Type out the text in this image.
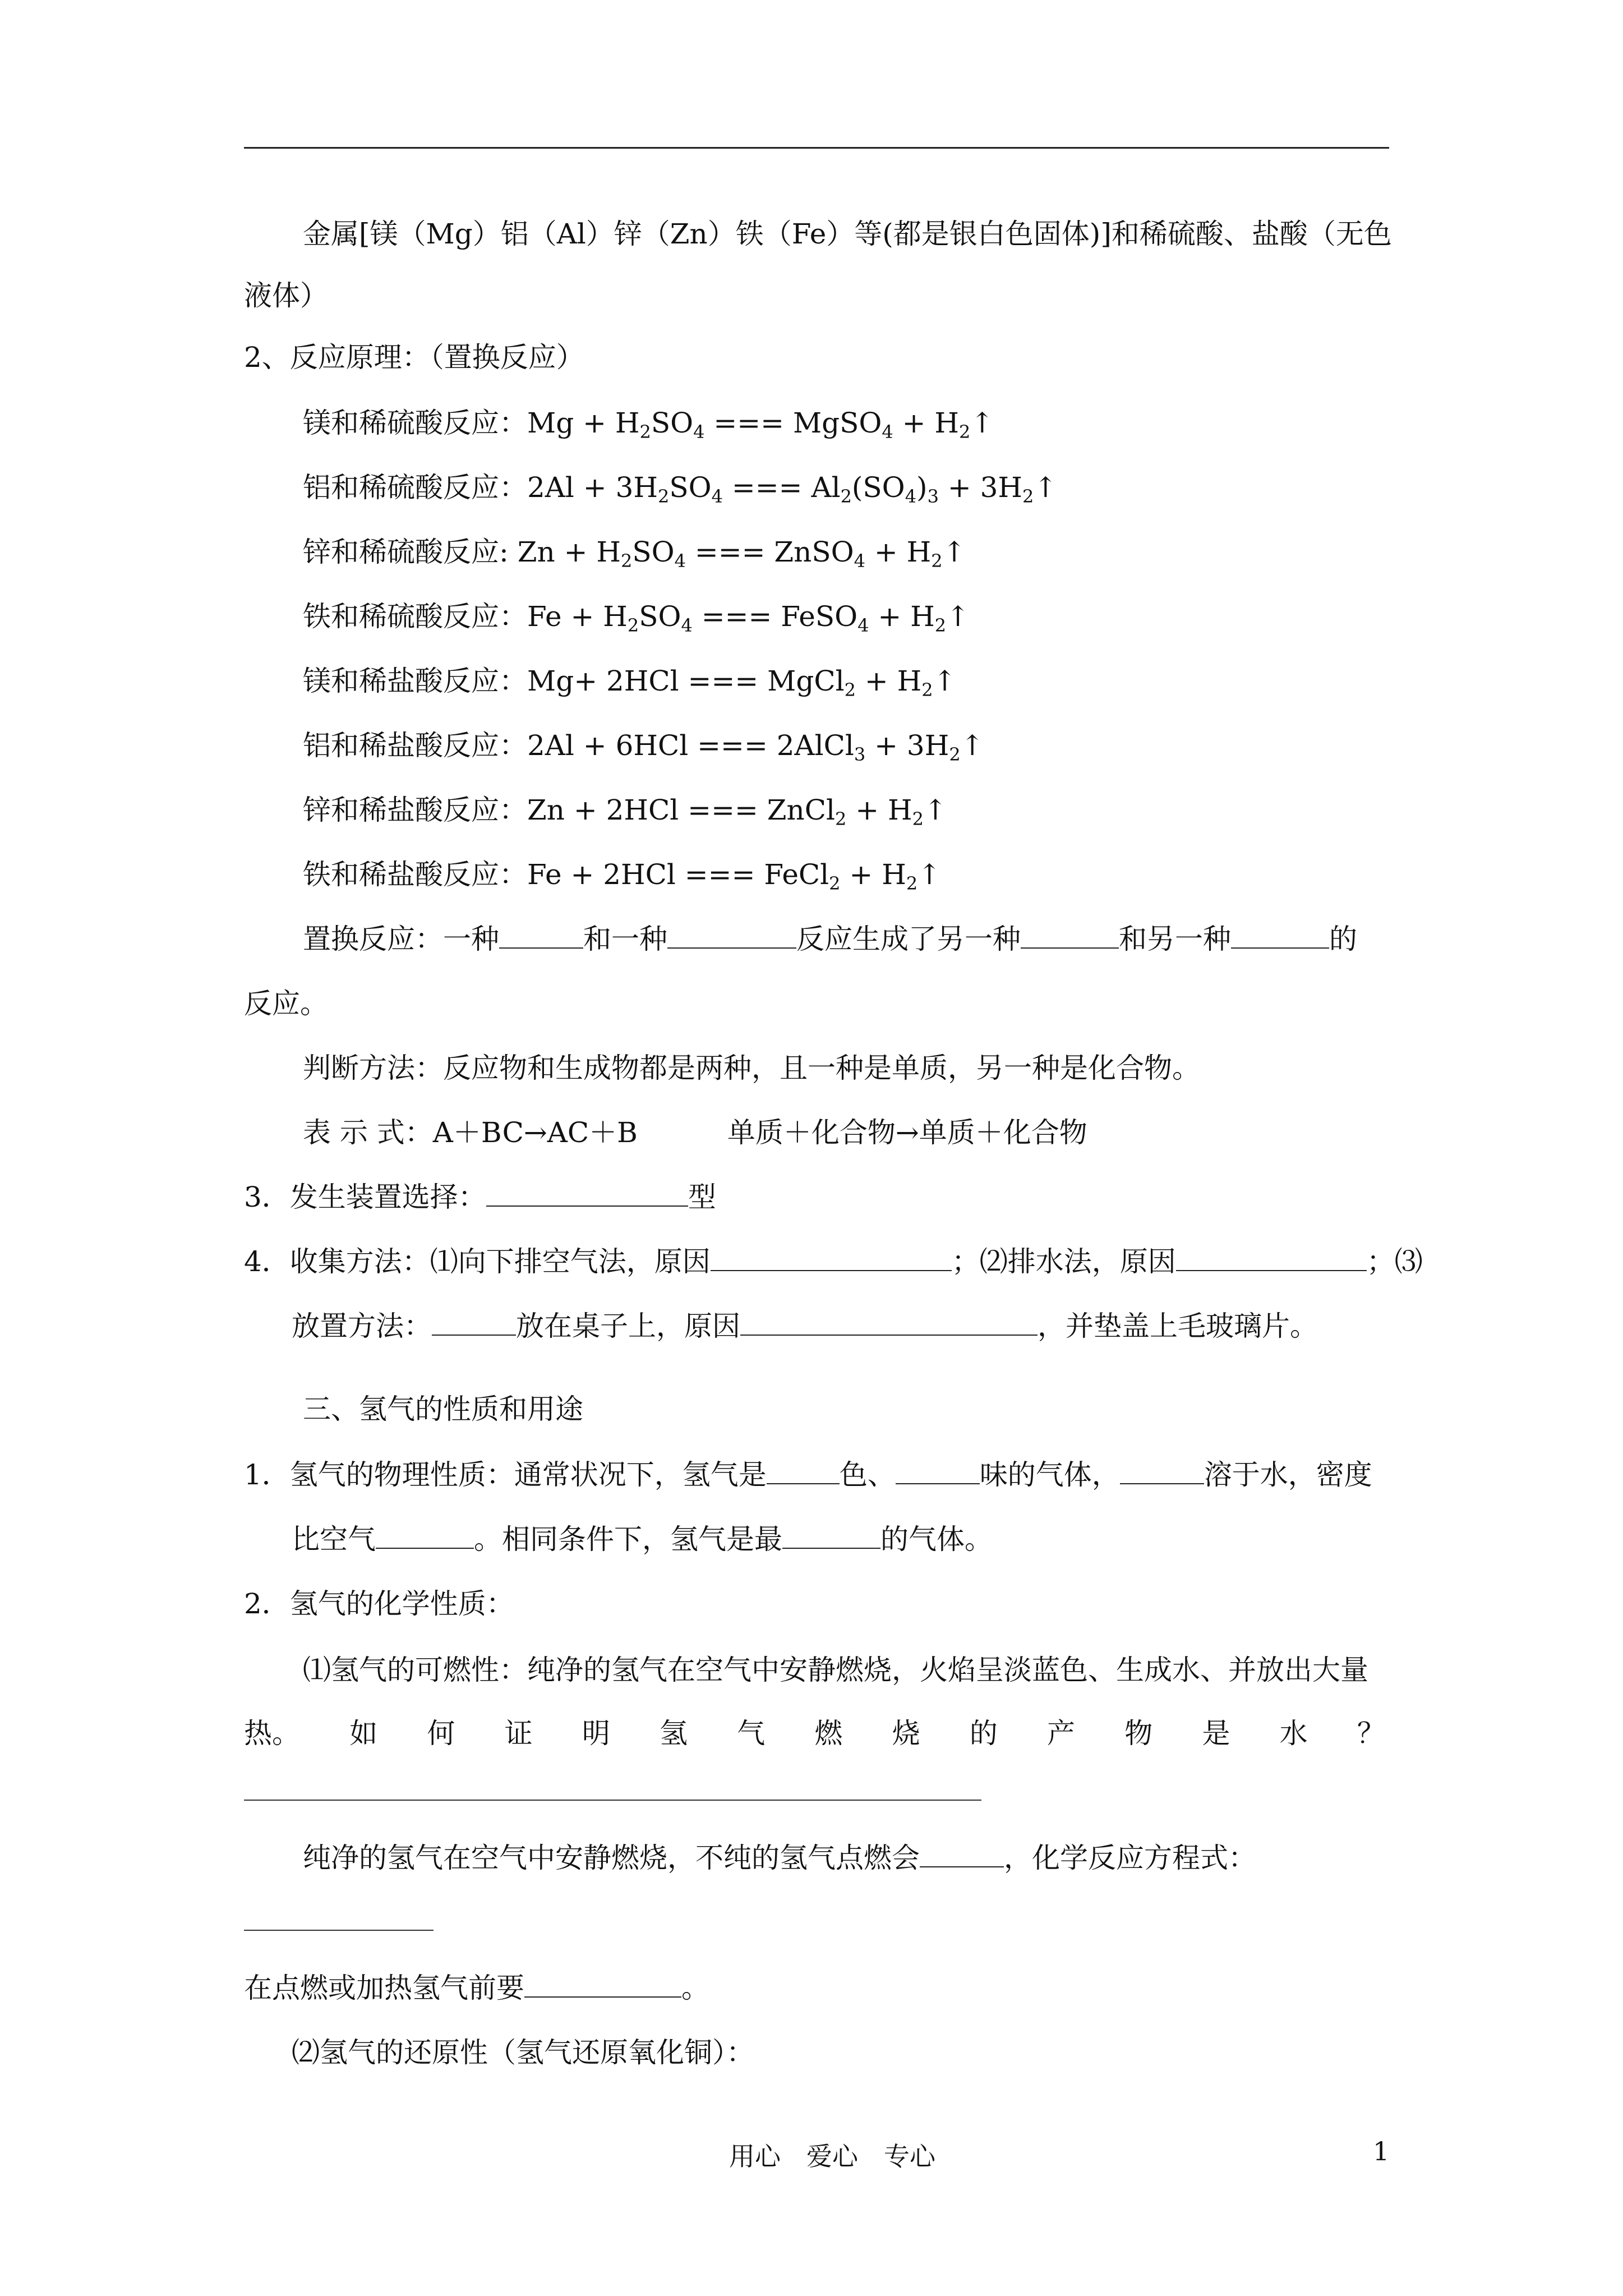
金属[镁（Mg）铝（Al）锌（Zn）铁（Fe）等(都是银白色固体)]和稀硫酸、盐酸（无色
液体）
2、反应原理：（置换反应）
镁和稀硫酸反应：$Mg + H_2SO_4$ === MgSO$_4$ + $H_2↑$
铝和稀硫酸反应：$2Al + 3H_2SO_4$ === $Al_2(SO_4)_3$ + $3H_2↑$
锌和稀硫酸反应: $Zn + H_2SO_4$ === ZnSO$_4$ + $H_2↑$
铁和稀硫酸反应：$Fe + H_2SO_4$ === FeSO$_4$ + $H_2↑$
镁和稀盐酸反应：Mg+ 2HCl === MgCl$_2$ + $H_2↑$
铝和稀盐酸反应：2Al + 6HCl === 2AlCl$_3$ + $3H_2↑$
锌和稀盐酸反应：Zn + 2HCl === ZnCl$_2$ + $H_2↑$
铁和稀盐酸反应：Fe + 2HCl === FeCl$_2$ + $H_2↑$
置换反应：一种	和一种	反应生成了另一种	和另一种	的
反应。
判断方法：反应物和生成物都是两种，且一种是单质，另一种是化合物。
表 示 式：A＋BC→AC＋B	单质＋化合物→单质＋化合物
3．发生装置选择：	型
4．收集方法：⑴向下排空气法，原因	；⑵排水法，原因	；⑶
放置方法：	放在桌子上，原因	，并垫盖上毛玻璃片。
三、氢气的性质和用途
1．氢气的物理性质：通常状况下，氢气是	色、	味的气体，	溶于水，密度
比空气	。相同条件下，氢气是最	的气体。
2．氢气的化学性质：
⑴氢气的可燃性：纯净的氢气在空气中安静燃烧，火焰呈淡蓝色、生成水、并放出大量
热。 如 何 证 明 氢 气 燃 烧 的 产 物 是 水 ？
纯净的氢气在空气中安静燃烧，不纯的氢气点燃会	，化学反应方程式：
在点燃或加热氢气前要	。
⑵氢气的还原性（氢气还原氧化铜）：
用心　爱心　专心	1
